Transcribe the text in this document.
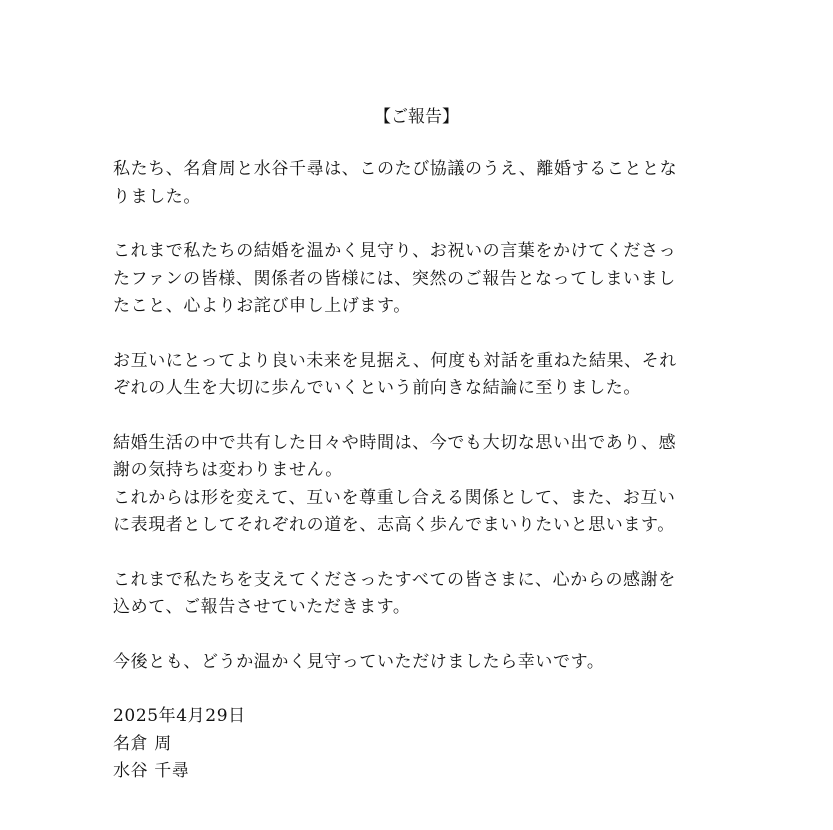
【ご報告】
私たち、名倉周と水谷千尋は、このたび協議のうえ、離婚することとな
りました。
これまで私たちの結婚を温かく見守り、お祝いの言葉をかけてくださっ
たファンの皆様、関係者の皆様には、突然のご報告となってしまいまし
たこと、心よりお詫び申し上げます。
お互いにとってより良い未来を見据え、何度も対話を重ねた結果、それ
ぞれの人生を大切に歩んでいくという前向きな結論に至りました。
結婚生活の中で共有した日々や時間は、今でも大切な思い出であり、感
謝の気持ちは変わりません。
これからは形を変えて、互いを尊重し合える関係として、また、お互い
に表現者としてそれぞれの道を、志高く歩んでまいりたいと思います。
これまで私たちを支えてくださったすべての皆さまに、心からの感謝を
込めて、ご報告させていただきます。
今後とも、どうか温かく見守っていただけましたら幸いです。
2025年4月29日
名倉 周
水谷 千尋
